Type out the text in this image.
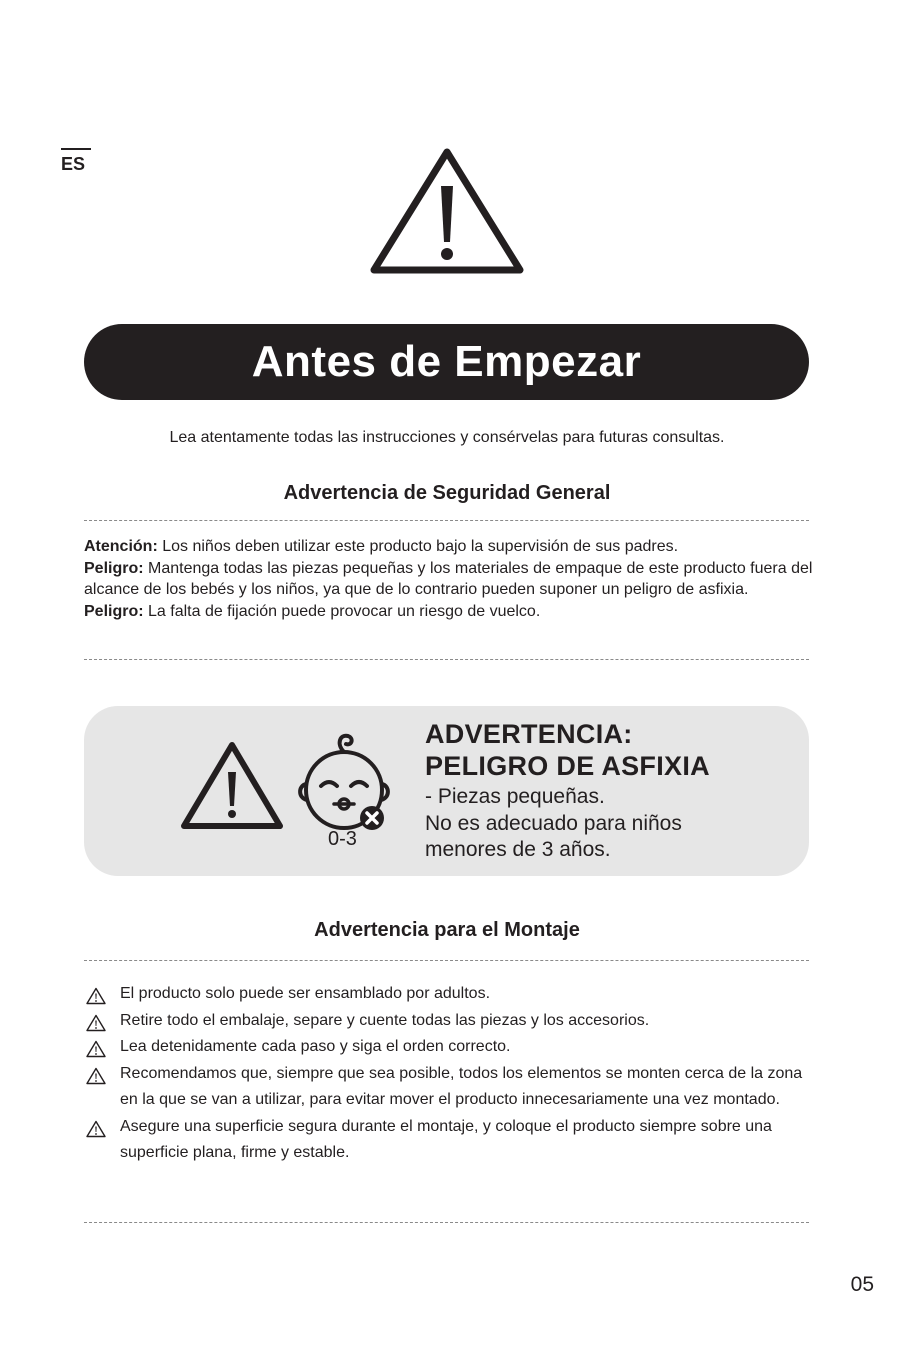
ES
Antes de Empezar
Lea atentamente todas las instrucciones y consérvelas para futuras consultas.
Advertencia de Seguridad General

Atención: Los niños deben utilizar este producto bajo la supervisión de sus padres.

Peligro: Mantenga todas las piezas pequeñas y los materiales de empaque de este producto fuera del alcance de los bebés y los niños, ya que de lo contrario pueden suponer un peligro de asfixia.

Peligro: La falta de fijación puede provocar un riesgo de vuelco.

0-3
ADVERTENCIA:
PELIGRO DE ASFIXIA
- Piezas pequeñas.
No es adecuado para niños
menores de 3 años.
Advertencia para el Montaje
El producto solo puede ser ensamblado por adultos.
Retire todo el embalaje, separe y cuente todas las piezas y los accesorios.
Lea detenidamente cada paso y siga el orden correcto.
Recomendamos que, siempre que sea posible, todos los elementos se monten cerca de la zona en la que se van a utilizar, para evitar mover el producto innecesariamente una vez montado.
Asegure una superficie segura durante el montaje, y coloque el producto siempre sobre una superficie plana, firme y estable.
05
